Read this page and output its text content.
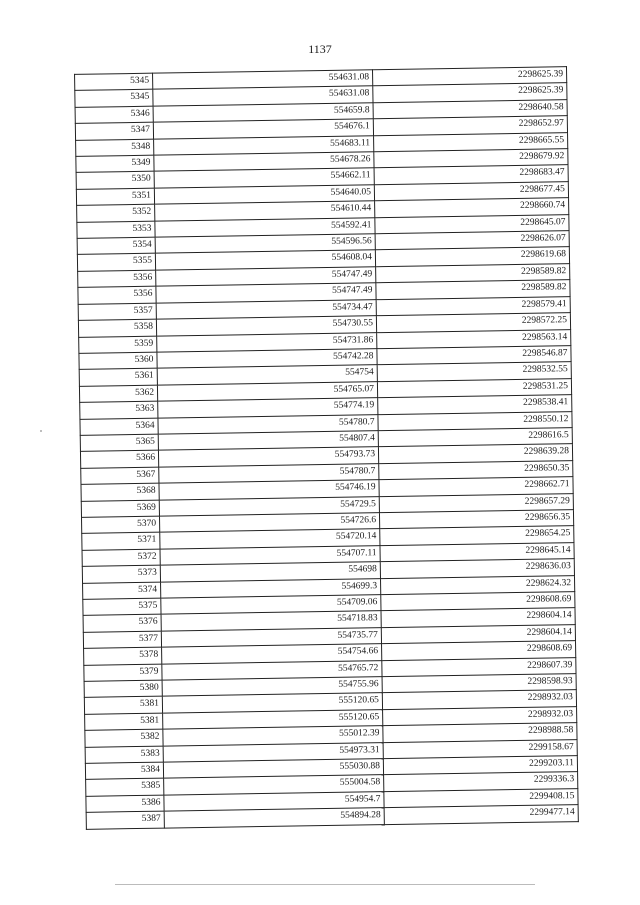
1137
5345	554631.08	2298625.39
5345	554631.08	2298625.39
5346	554659.8	2298640.58
5347	554676.1	2298652.97
5348	554683.11	2298665.55
5349	554678.26	2298679.92
5350	554662.11	2298683.47
5351	554640.05	2298677.45
5352	554610.44	2298660.74
5353	554592.41	2298645.07
5354	554596.56	2298626.07
5355	554608.04	2298619.68
5356	554747.49	2298589.82
5356	554747.49	2298589.82
5357	554734.47	2298579.41
5358	554730.55	2298572.25
5359	554731.86	2298563.14
5360	554742.28	2298546.87
5361	554754	2298532.55
5362	554765.07	2298531.25
5363	554774.19	2298538.41
5364	554780.7	2298550.12
5365	554807.4	2298616.5
5366	554793.73	2298639.28
5367	554780.7	2298650.35
5368	554746.19	2298662.71
5369	554729.5	2298657.29
5370	554726.6	2298656.35
5371	554720.14	2298654.25
5372	554707.11	2298645.14
5373	554698	2298636.03
5374	554699.3	2298624.32
5375	554709.06	2298608.69
5376	554718.83	2298604.14
5377	554735.77	2298604.14
5378	554754.66	2298608.69
5379	554765.72	2298607.39
5380	554755.96	2298598.93
5381	555120.65	2298932.03
5381	555120.65	2298932.03
5382	555012.39	2298988.58
5383	554973.31	2299158.67
5384	555030.88	2299203.11
5385	555004.58	2299336.3
5386	554954.7	2299408.15
5387	554894.28	2299477.14
